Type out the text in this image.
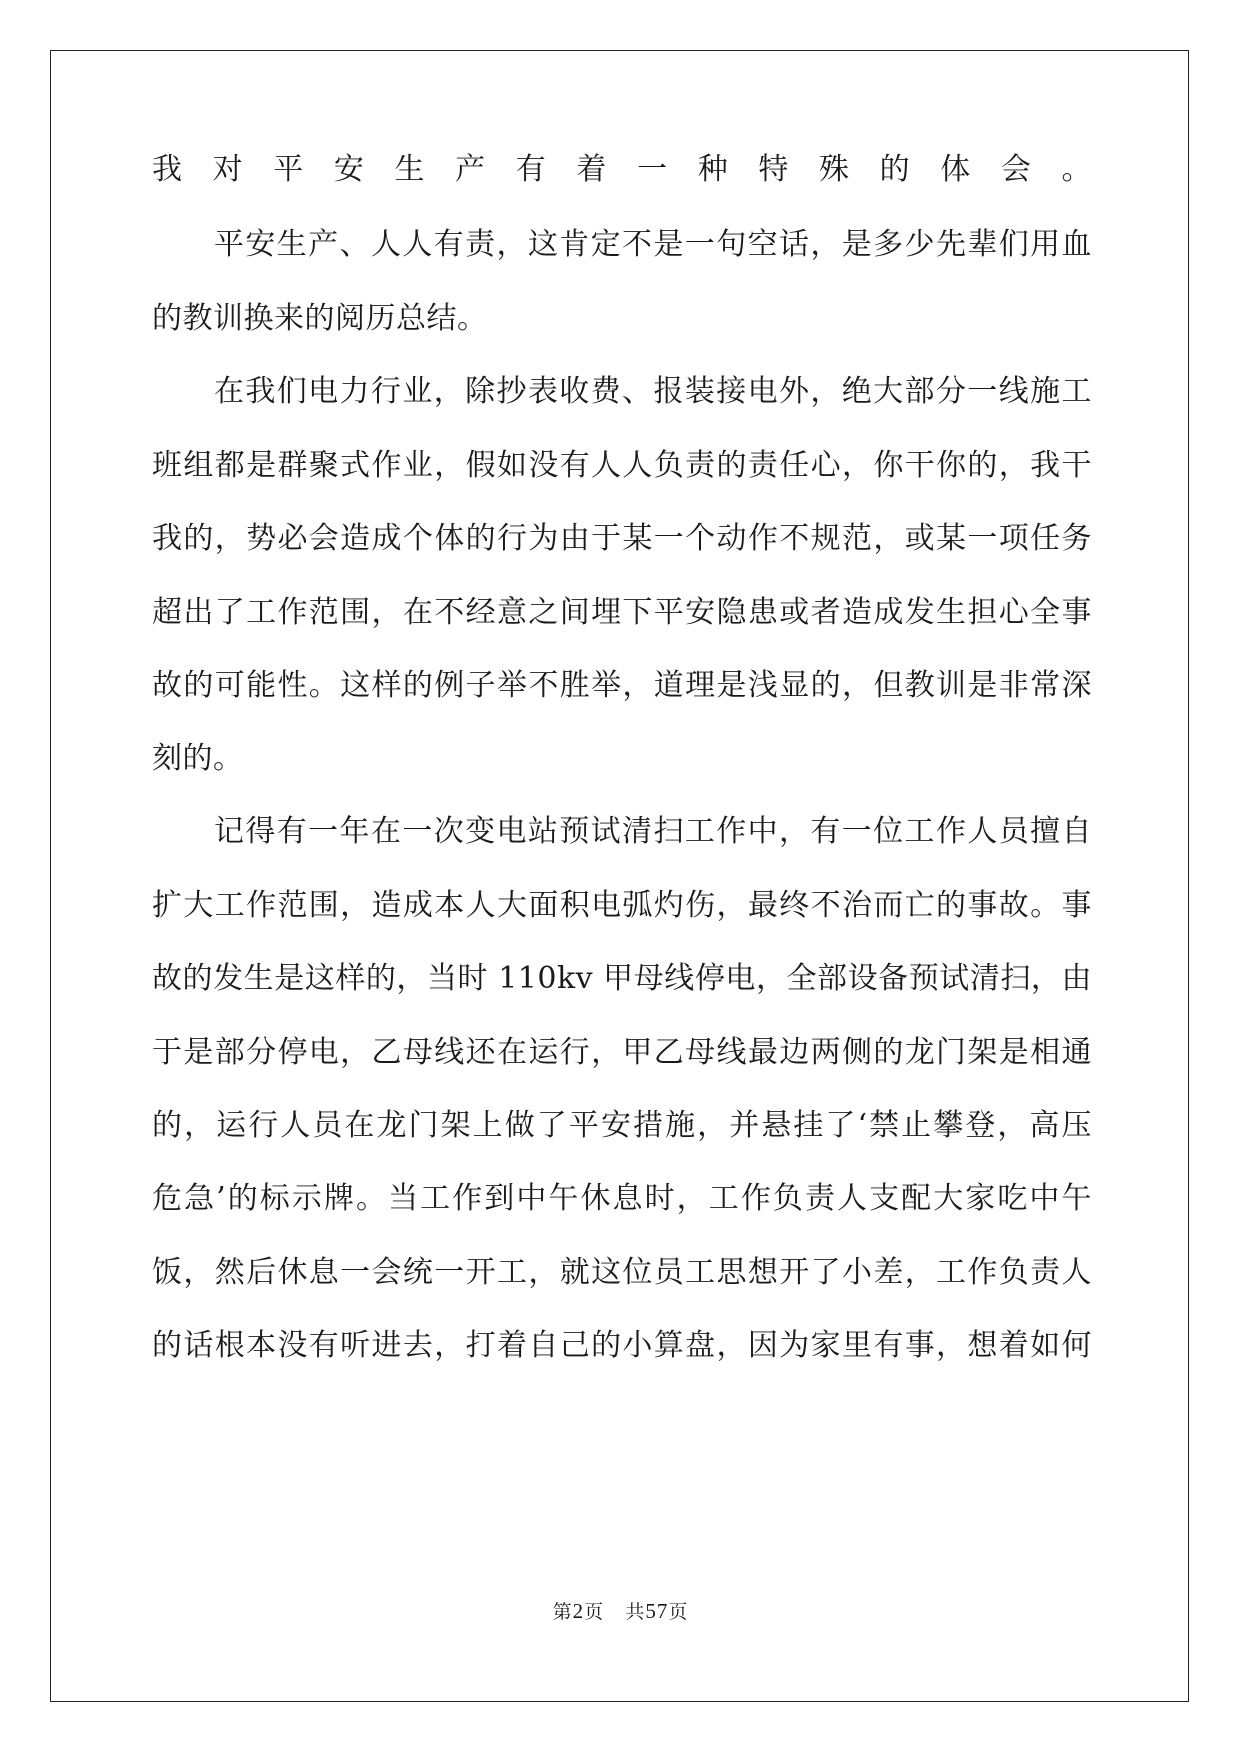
我对平安生产有着一种特殊的体会。
平安生产、人人有责，这肯定不是一句空话，是多少先辈们用血
的教训换来的阅历总结。
在我们电力行业，除抄表收费、报装接电外，绝大部分一线施工
班组都是群聚式作业，假如没有人人负责的责任心，你干你的，我干
我的，势必会造成个体的行为由于某一个动作不规范，或某一项任务
超出了工作范围，在不经意之间埋下平安隐患或者造成发生担心全事
故的可能性。这样的例子举不胜举，道理是浅显的，但教训是非常深
刻的。
记得有一年在一次变电站预试清扫工作中，有一位工作人员擅自
扩大工作范围，造成本人大面积电弧灼伤，最终不治而亡的事故。事
故的发生是这样的，当时 110kv 甲母线停电，全部设备预试清扫，由
于是部分停电，乙母线还在运行，甲乙母线最边两侧的龙门架是相通
的，运行人员在龙门架上做了平安措施，并悬挂了‘禁止攀登，高压
危急’的标示牌。当工作到中午休息时，工作负责人支配大家吃中午
饭，然后休息一会统一开工，就这位员工思想开了小差，工作负责人
的话根本没有听进去，打着自己的小算盘，因为家里有事，想着如何
第2页 共57页
